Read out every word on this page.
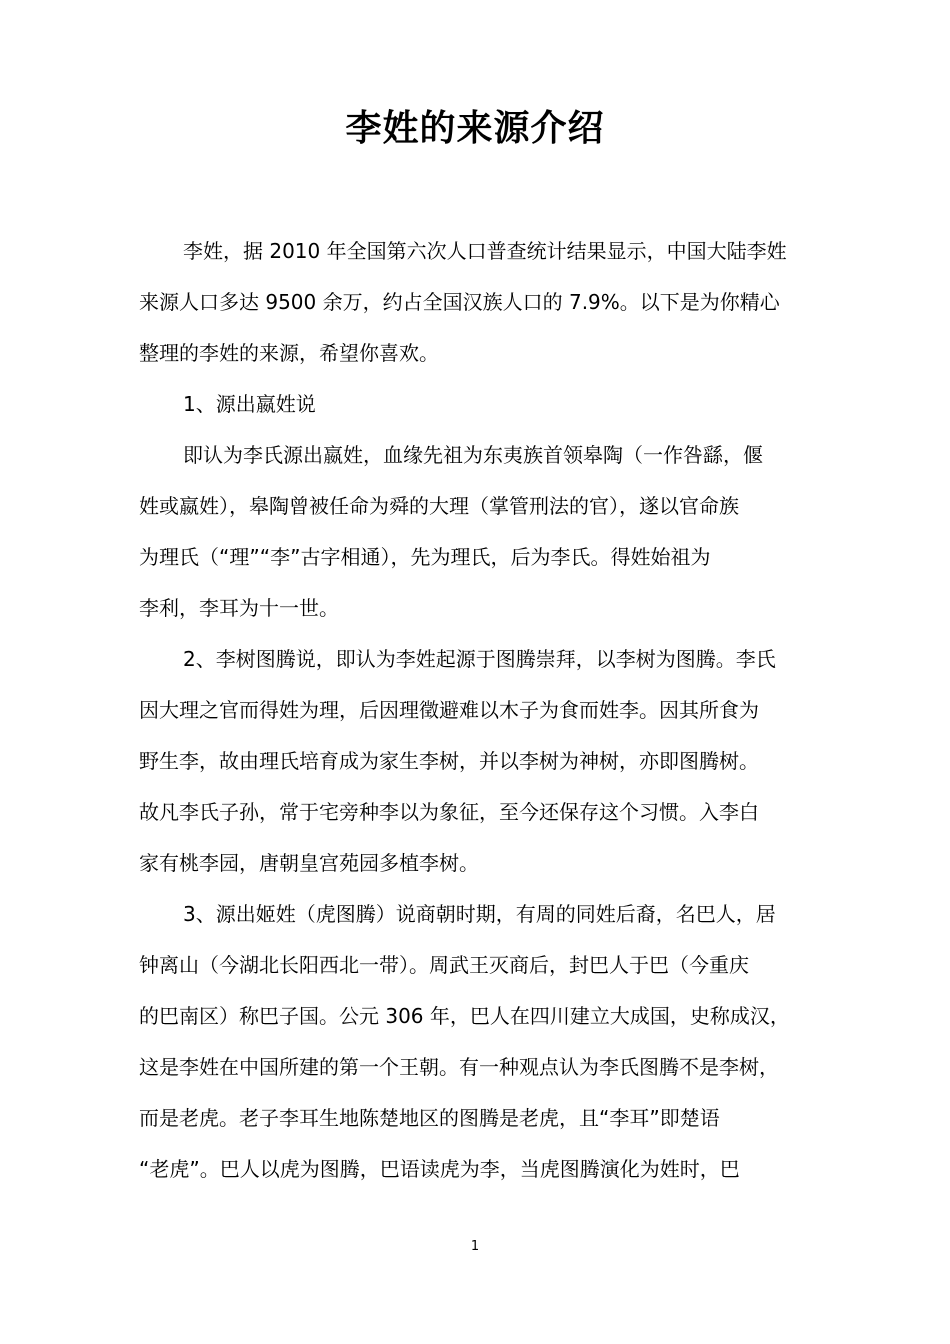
李姓的来源介绍
李姓，据 2010 年全国第六次人口普查统计结果显示，中国大陆李姓
来源人口多达 9500 余万，约占全国汉族人口的 7.9%。以下是为你精心
整理的李姓的来源，希望你喜欢。
1、源出嬴姓说
即认为李氏源出嬴姓，血缘先祖为东夷族首领皋陶（一作咎繇，偃
姓或嬴姓），皋陶曾被任命为舜的大理（掌管刑法的官），遂以官命族
为理氏（“理”“李”古字相通），先为理氏，后为李氏。得姓始祖为
李利，李耳为十一世。
2、李树图腾说，即认为李姓起源于图腾崇拜，以李树为图腾。李氏
因大理之官而得姓为理，后因理徵避难以木子为食而姓李。因其所食为
野生李，故由理氏培育成为家生李树，并以李树为神树，亦即图腾树。
故凡李氏子孙，常于宅旁种李以为象征，至今还保存这个习惯。入李白
家有桃李园，唐朝皇宫苑园多植李树。
3、源出姬姓（虎图腾）说商朝时期，有周的同姓后裔，名巴人，居
钟离山（今湖北长阳西北一带）。周武王灭商后，封巴人于巴（今重庆
的巴南区）称巴子国。公元 306 年，巴人在四川建立大成国，史称成汉，
这是李姓在中国所建的第一个王朝。有一种观点认为李氏图腾不是李树，
而是老虎。老子李耳生地陈楚地区的图腾是老虎，且“李耳”即楚语
“老虎”。巴人以虎为图腾，巴语读虎为李，当虎图腾演化为姓时，巴
1
